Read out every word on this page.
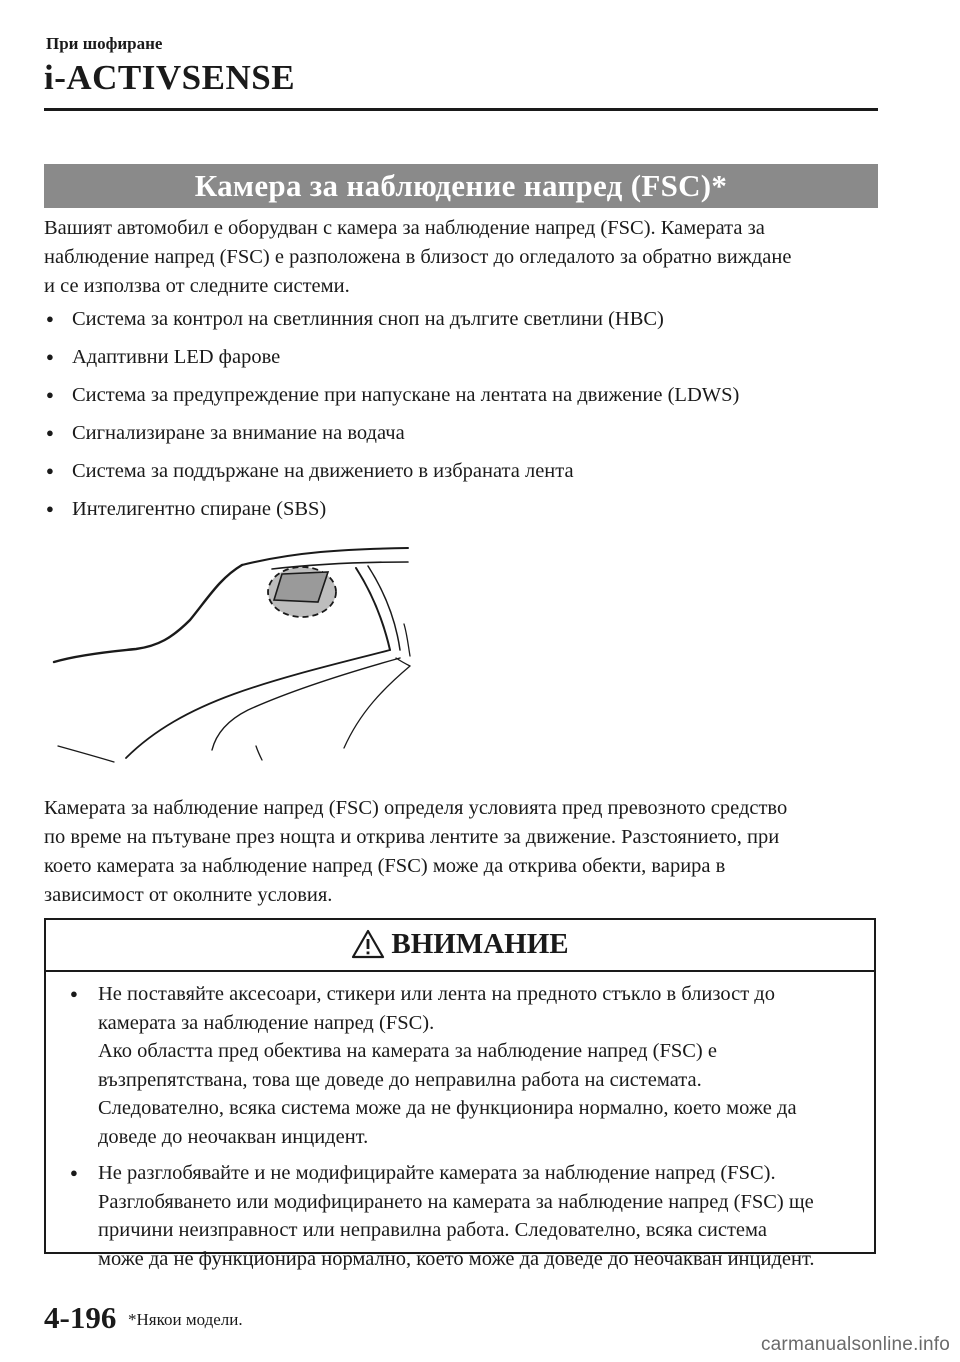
При шофиране
i-ACTIVSENSE
Камера за наблюдение напред (FSC)*

Вашият автомобил е оборудван с камера за наблюдение напред (FSC). Камерата за

наблюдение напред (FSC) е разположена в близост до огледалото за обратно виждане

и се използва от следните системи.

● Система за контрол на светлинния сноп на дългите светлини (HBC)
● Адаптивни LED фарове
● Система за предупреждение при напускане на лентата на движение (LDWS)
● Сигнализиране за внимание на водача
● Система за поддържане на движението в избраната лента
● Интелигентно спиране (SBS)

Камерата за наблюдение напред (FSC) определя условията пред превозното средство

по време на пътуване през нощта и открива лентите за движение. Разстоянието, при

което камерата за наблюдение напред (FSC) може да открива обекти, варира в

зависимост от околните условия.

ВНИМАНИЕ

● Не поставяйте аксесоари, стикери или лента на предното стъкло в близост до

камерата за наблюдение напред (FSC).

Ако областта пред обектива на камерата за наблюдение напред (FSC) е

възпрепятствана, това ще доведе до неправилна работа на системата.

Следователно, всяка система може да не функционира нормално, което може да

доведе до неочакван инцидент.

● Не разглобявайте и не модифицирайте камерата за наблюдение напред (FSC).

Разглобяването или модифицирането на камерата за наблюдение напред (FSC) ще

причини неизправност или неправилна работа. Следователно, всяка система

може да не функционира нормално, което може да доведе до неочакван инцидент.

4-196 *Някои модели.
carmanualsonline.info
